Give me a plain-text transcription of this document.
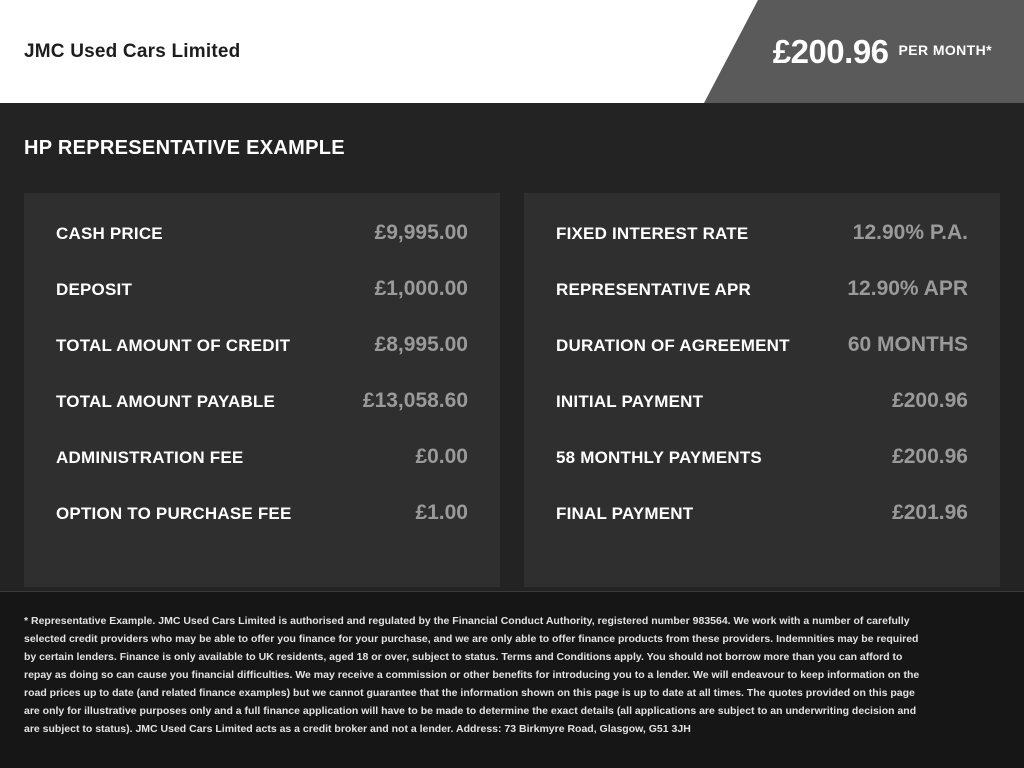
JMC Used Cars Limited	£200.96 PER MONTH*
HP REPRESENTATIVE EXAMPLE
CASH PRICE	£9,995.00
DEPOSIT	£1,000.00
TOTAL AMOUNT OF CREDIT	£8,995.00
TOTAL AMOUNT PAYABLE	£13,058.60
ADMINISTRATION FEE	£0.00
OPTION TO PURCHASE FEE	£1.00
FIXED INTEREST RATE	12.90% P.A.
REPRESENTATIVE APR	12.90% APR
DURATION OF AGREEMENT	60 MONTHS
INITIAL PAYMENT	£200.96
58 MONTHLY PAYMENTS	£200.96
FINAL PAYMENT	£201.96

* Representative Example. JMC Used Cars Limited is authorised and regulated by the Financial Conduct Authority, registered number 983564. We work with a number of carefully selected credit providers who may be able to offer you finance for your purchase, and we are only able to offer finance products from these providers. Indemnities may be required by certain lenders. Finance is only available to UK residents, aged 18 or over, subject to status. Terms and Conditions apply. You should not borrow more than you can afford to repay as doing so can cause you financial difficulties. We may receive a commission or other benefits for introducing you to a lender. We will endeavour to keep information on the road prices up to date (and related finance examples) but we cannot guarantee that the information shown on this page is up to date at all times. The quotes provided on this page are only for illustrative purposes only and a full finance application will have to be made to determine the exact details (all applications are subject to an underwriting decision and are subject to status). JMC Used Cars Limited acts as a credit broker and not a lender. Address: 73 Birkmyre Road, Glasgow, G51 3JH
